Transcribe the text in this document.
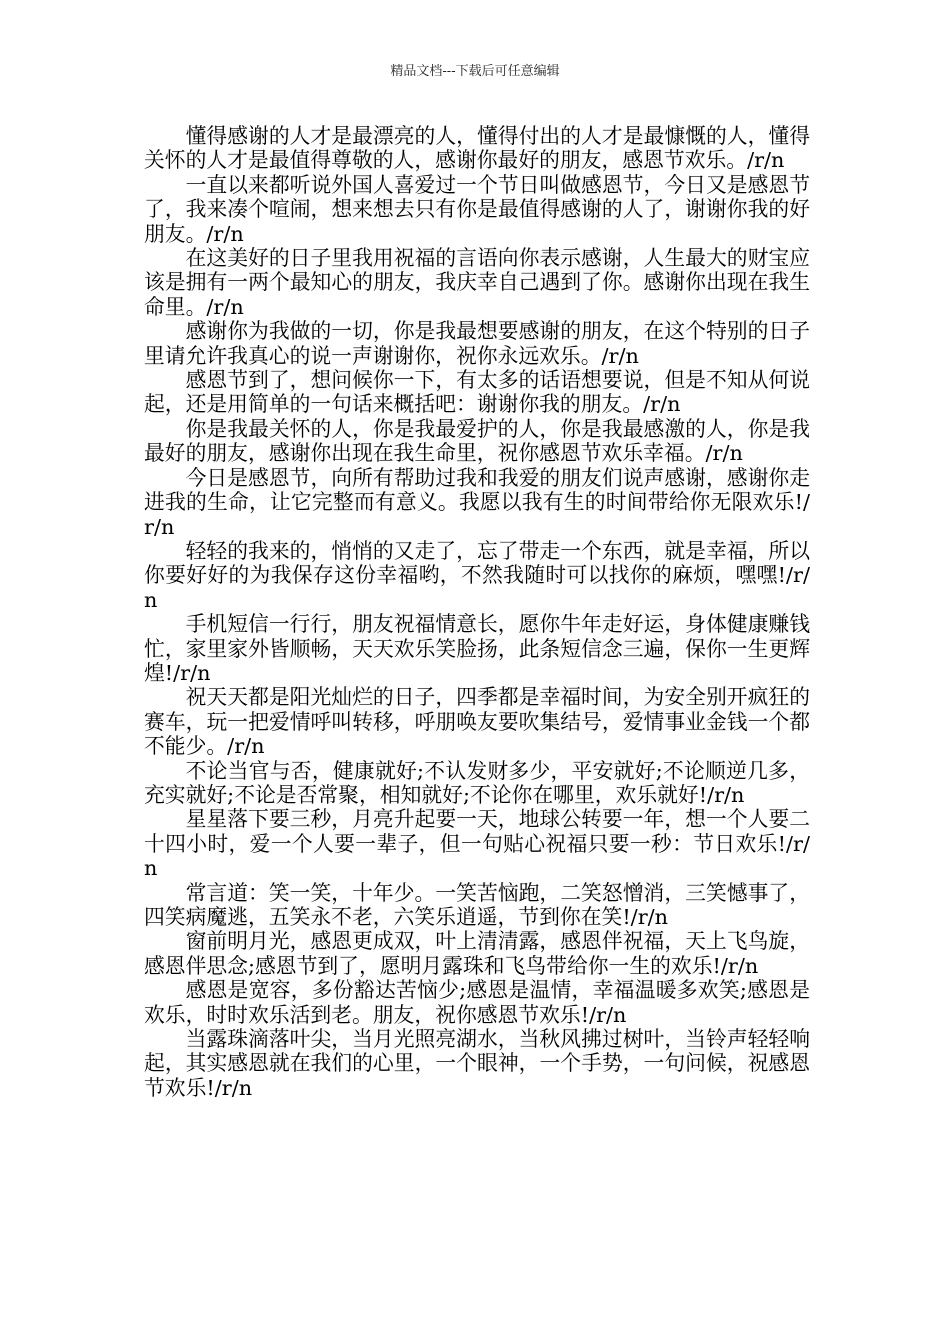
精品文档---下载后可任意编辑

懂得感谢的人才是最漂亮的人，懂得付出的人才是最慷慨的人，懂得关怀的人才是最值得尊敬的人，感谢你最好的朋友，感恩节欢乐。/r/n

一直以来都听说外国人喜爱过一个节日叫做感恩节，今日又是感恩节了，我来凑个喧闹，想来想去只有你是最值得感谢的人了，谢谢你我的好朋友。/r/n

在这美好的日子里我用祝福的言语向你表示感谢，人生最大的财宝应该是拥有一两个最知心的朋友，我庆幸自己遇到了你。感谢你出现在我生命里。/r/n

感谢你为我做的一切，你是我最想要感谢的朋友，在这个特别的日子里请允许我真心的说一声谢谢你，祝你永远欢乐。/r/n

感恩节到了，想问候你一下，有太多的话语想要说，但是不知从何说起，还是用简单的一句话来概括吧：谢谢你我的朋友。/r/n

你是我最关怀的人，你是我最爱护的人，你是我最感激的人，你是我最好的朋友，感谢你出现在我生命里，祝你感恩节欢乐幸福。/r/n

今日是感恩节，向所有帮助过我和我爱的朋友们说声感谢，感谢你走进我的生命，让它完整而有意义。我愿以我有生的时间带给你无限欢乐!/r/n

轻轻的我来的，悄悄的又走了，忘了带走一个东西，就是幸福，所以你要好好的为我保存这份幸福哟，不然我随时可以找你的麻烦，嘿嘿!/r/n

手机短信一行行，朋友祝福情意长，愿你牛年走好运，身体健康赚钱忙，家里家外皆顺畅，天天欢乐笑脸扬，此条短信念三遍，保你一生更辉煌!/r/n

祝天天都是阳光灿烂的日子，四季都是幸福时间，为安全别开疯狂的赛车，玩一把爱情呼叫转移，呼朋唤友要吹集结号，爱情事业金钱一个都不能少。/r/n

不论当官与否，健康就好;不认发财多少，平安就好;不论顺逆几多，充实就好;不论是否常聚，相知就好;不论你在哪里，欢乐就好!/r/n

星星落下要三秒，月亮升起要一天，地球公转要一年，想一个人要二十四小时，爱一个人要一辈子，但一句贴心祝福只要一秒：节日欢乐!/r/n

常言道：笑一笑，十年少。一笑苦恼跑，二笑怒憎消，三笑憾事了，四笑病魔逃，五笑永不老，六笑乐逍遥，节到你在笑!/r/n

窗前明月光，感恩更成双，叶上清清露，感恩伴祝福，天上飞鸟旋，感恩伴思念;感恩节到了，愿明月露珠和飞鸟带给你一生的欢乐!/r/n

感恩是宽容，多份豁达苦恼少;感恩是温情，幸福温暖多欢笑;感恩是欢乐，时时欢乐活到老。朋友，祝你感恩节欢乐!/r/n

当露珠滴落叶尖，当月光照亮湖水，当秋风拂过树叶，当铃声轻轻响起，其实感恩就在我们的心里，一个眼神，一个手势，一句问候，祝感恩节欢乐!/r/n
